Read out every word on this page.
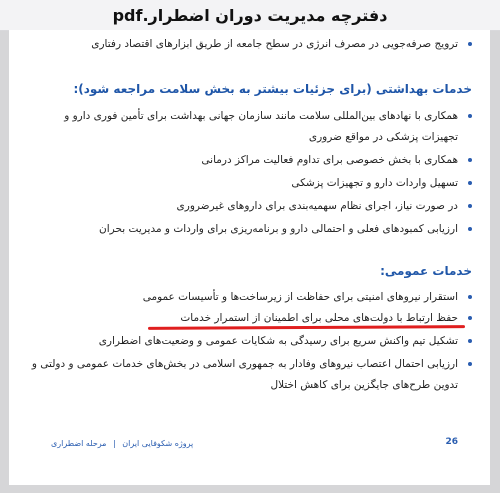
دفترچه مدیریت دوران اضطرار.pdf
ترویج صرفه‌جویی در مصرف انرژی در سطح جامعه از طریق ابزارهای اقتصاد رفتاری
خدمات بهداشتی (برای جزئیات بیشتر به بخش سلامت مراجعه شود):
همکاری با نهادهای بین‌المللی سلامت مانند سازمان جهانی بهداشت برای تأمین فوری دارو و تجهیزات پزشکی در مواقع ضروری
همکاری با بخش خصوصی برای تداوم فعالیت مراکز درمانی
تسهیل واردات دارو و تجهیزات پزشکی
در صورت نیاز، اجرای نظام سهمیه‌بندی برای داروهای غیرضروری
ارزیابی کمبودهای فعلی و احتمالی دارو و برنامه‌ریزی برای واردات و مدیریت بحران
خدمات عمومی:
استقرار نیروهای امنیتی برای حفاظت از زیرساخت‌ها و تأسیسات عمومی
حفظ ارتباط با دولت‌های محلی برای اطمینان از استمرار خدمات
تشکیل تیم واکنش سریع برای رسیدگی به شکایات عمومی و وضعیت‌های اضطراری
ارزیابی احتمال اعتصاب نیروهای وفادار به جمهوری اسلامی در بخش‌های خدمات عمومی و دولتی و تدوین طرح‌های جایگزین برای کاهش اختلال
پروژه شکوفایی ایران | مرحله اضطراری	26
